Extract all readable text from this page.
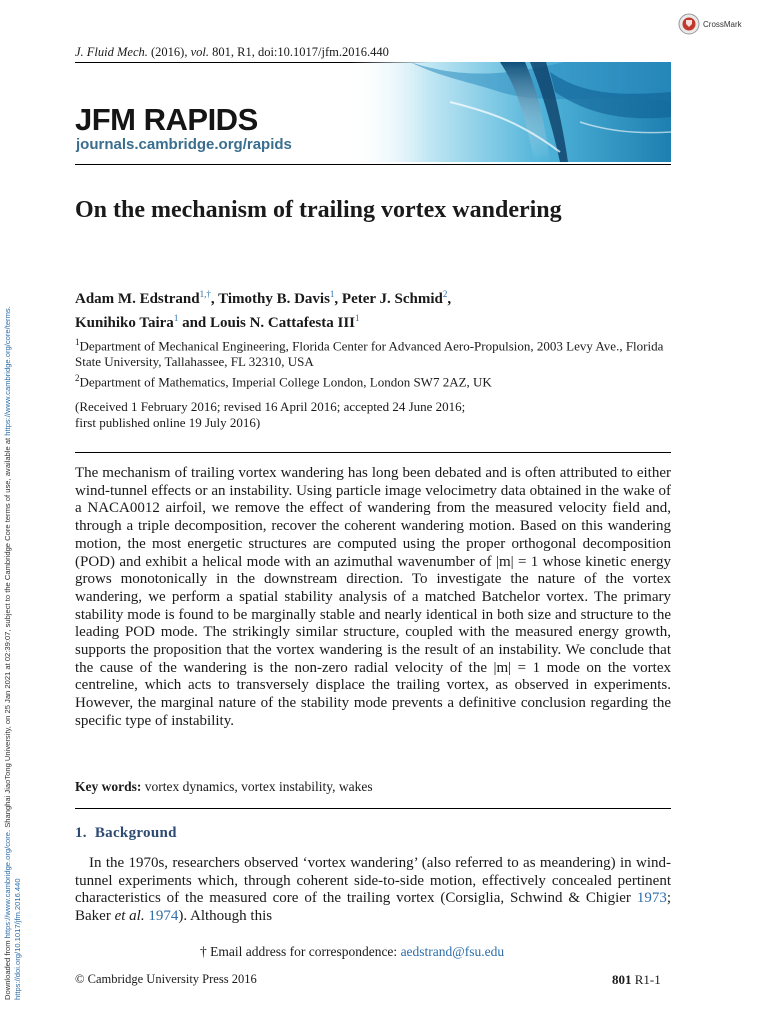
J. Fluid Mech. (2016), vol. 801, R1, doi:10.1017/jfm.2016.440
CrossMark
JFM RAPIDS
journals.cambridge.org/rapids
On the mechanism of trailing vortex wandering
Adam M. Edstrand$^{1,\dagger}$, Timothy B. Davis$^1$, Peter J. Schmid$^2$,
Kunihiko Taira$^1$ and Louis N. Cattafesta III$^1$
$^1$Department of Mechanical Engineering, Florida Center for Advanced Aero-Propulsion, 2003 Levy Ave., Florida State University, Tallahassee, FL 32310, USA
$^2$Department of Mathematics, Imperial College London, London SW7 2AZ, UK
(Received 1 February 2016; revised 16 April 2016; accepted 24 June 2016;
first published online 19 July 2016)

The mechanism of trailing vortex wandering has long been debated and is often attributed to either wind-tunnel effects or an instability. Using particle image velocimetry data obtained in the wake of a NACA0012 airfoil, we remove the effect of wandering from the measured velocity field and, through a triple decomposition, recover the coherent wandering motion. Based on this wandering motion, the most energetic structures are computed using the proper orthogonal decomposition (POD) and exhibit a helical mode with an azimuthal wavenumber of |m| = 1 whose kinetic energy grows monotonically in the downstream direction. To investigate the nature of the vortex wandering, we perform a spatial stability analysis of a matched Batchelor vortex. The primary stability mode is found to be marginally stable and nearly identical in both size and structure to the leading POD mode. The strikingly similar structure, coupled with the measured energy growth, supports the proposition that the vortex wandering is the result of an instability. We conclude that the cause of the wandering is the non-zero radial velocity of the |m| = 1 mode on the vortex centreline, which acts to transversely displace the trailing vortex, as observed in experiments. However, the marginal nature of the stability mode prevents a definitive conclusion regarding the specific type of instability.

Key words: vortex dynamics, vortex instability, wakes
1. Background

In the 1970s, researchers observed ‘vortex wandering’ (also referred to as meandering) in wind-tunnel experiments which, through coherent side-to-side motion, effectively concealed pertinent characteristics of the measured core of the trailing vortex (Corsiglia, Schwind & Chigier 1973; Baker et al. 1974). Although this

† Email address for correspondence: aedstrand@fsu.edu
© Cambridge University Press 2016	801 R1-1
Downloaded from https://www.cambridge.org/core. Shanghai JiaoTong University, on 25 Jan 2021 at 02:39:07, subject to the Cambridge Core terms of use, available at https://www.cambridge.org/core/terms.
https://doi.org/10.1017/jfm.2016.440
